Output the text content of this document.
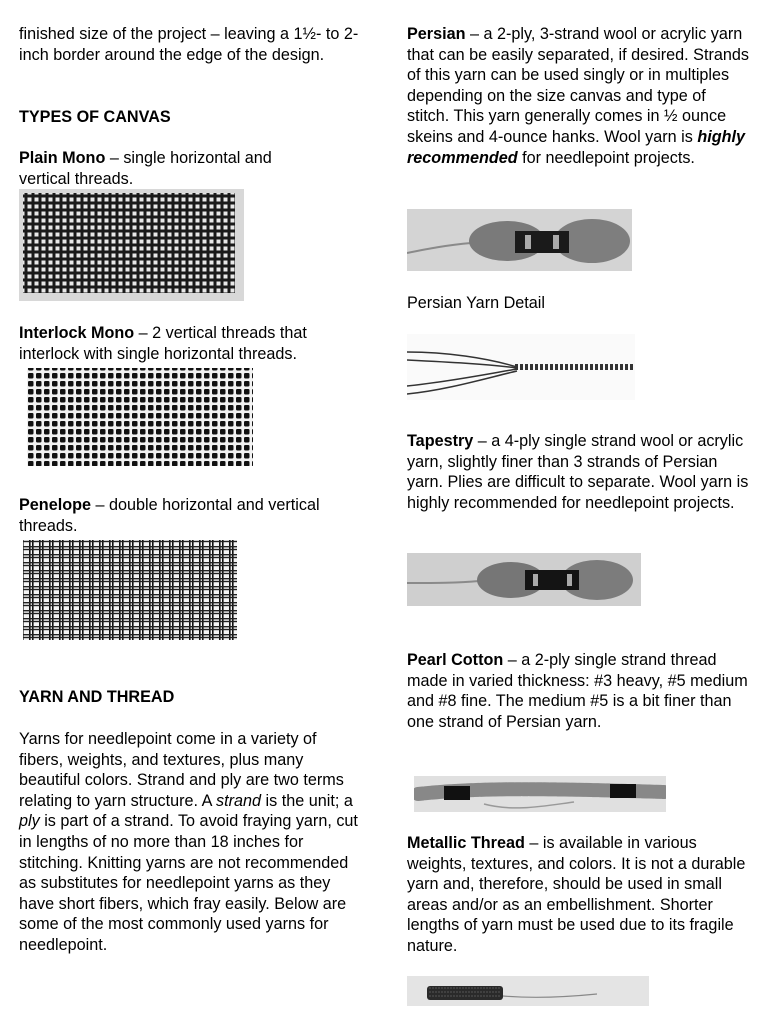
finished size of the project – leaving a 1½- to 2-inch border around the edge of the design.

TYPES OF CANVAS

Plain Mono – single horizontal and vertical threads.

Interlock Mono – 2 vertical threads that interlock with single horizontal threads.

Penelope – double horizontal and vertical threads.

YARN AND THREAD

Yarns for needlepoint come in a variety of fibers, weights, and textures, plus many beautiful colors. Strand and ply are two terms relating to yarn structure. A strand is the unit; a ply is part of a strand. To avoid fraying yarn, cut in lengths of no more than 18 inches for stitching. Knitting yarns are not recommended as substitutes for needlepoint yarns as they have short fibers, which fray easily. Below are some of the most commonly used yarns for needlepoint.

Persian – a 2-ply, 3-strand wool or acrylic yarn that can be easily separated, if desired. Strands of this yarn can be used singly or in multiples depending on the size canvas and type of stitch. This yarn generally comes in ½ ounce skeins and 4-ounce hanks. Wool yarn is highly recommended for needlepoint projects.

Persian Yarn Detail

Tapestry – a 4-ply single strand wool or acrylic yarn, slightly finer than 3 strands of Persian yarn. Plies are difficult to separate. Wool yarn is highly recommended for needlepoint projects.

Pearl Cotton – a 2-ply single strand thread made in varied thickness: #3 heavy, #5 medium and #8 fine. The medium #5 is a bit finer than one strand of Persian yarn.

Metallic Thread – is available in various weights, textures, and colors. It is not a durable yarn and, therefore, should be used in small areas and/or as an embellishment. Shorter lengths of yarn must be used due to its fragile nature.
